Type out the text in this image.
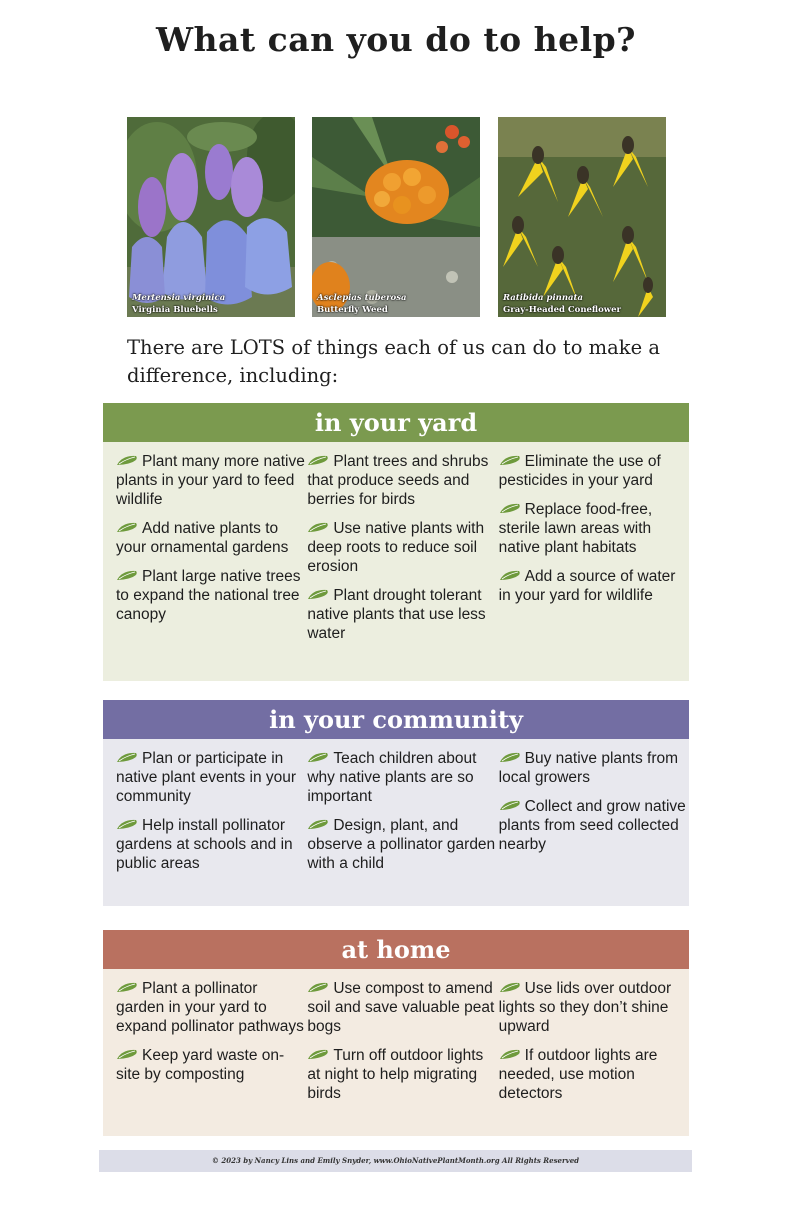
What can you do to help?
Mertensia virginica
Virginia Bluebells
Asclepias tuberosa
Butterfly Weed
Ratibida pinnata
Gray-Headed Coneflower
There are LOTS of things each of us can do to make a difference, including:
in your yard
Plant many more native plants in your yard to feed wildlife
Add native plants to your ornamental gardens
Plant large native trees to expand the national tree canopy
Plant trees and shrubs that produce seeds and berries for birds
Use native plants with deep roots to reduce soil erosion
Plant drought tolerant native plants that use less water
Eliminate the use of pesticides in your yard
Replace food-free, sterile lawn areas with native plant habitats
Add a source of water in your yard for wildlife
in your community
Plan or participate in native plant events in your community
Help install pollinator gardens at schools and in public areas
Teach children about why native plants are so important
Design, plant, and observe a pollinator garden with a child
Buy native plants from local growers
Collect and grow native plants from seed collected nearby
at home
Plant a pollinator garden in your yard to expand pollinator pathways
Keep yard waste on-site by composting
Use compost to amend soil and save valuable peat bogs
Turn off outdoor lights at night to help migrating birds
Use lids over outdoor lights so they don’t shine upward
If outdoor lights are needed, use motion detectors
© 2023 by Nancy Lins and Emily Snyder, www.OhioNativePlantMonth.org All Rights Reserved
